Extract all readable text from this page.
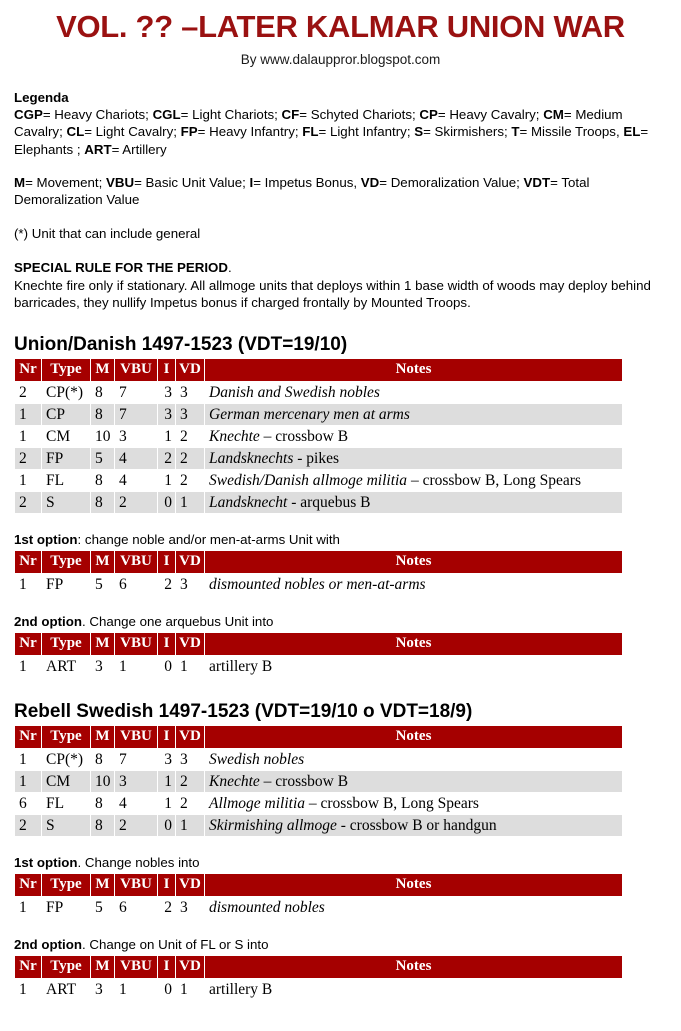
VOL. ?? –LATER KALMAR UNION WAR
By www.dalauppror.blogspot.com
Legenda
CGP= Heavy Chariots; CGL= Light Chariots; CF= Schyted Chariots; CP= Heavy Cavalry; CM= Medium Cavalry; CL= Light Cavalry; FP= Heavy Infantry; FL= Light Infantry; S= Skirmishers; T= Missile Troops, EL= Elephants ; ART= Artillery
M= Movement; VBU= Basic Unit Value; I= Impetus Bonus, VD= Demoralization Value; VDT= Total Demoralization Value
(*) Unit that can include general
SPECIAL RULE FOR THE PERIOD.
Knechte fire only if stationary. All allmoge units that deploys within 1 base width of woods may deploy behind barricades, they nullify Impetus bonus if charged frontally by Mounted Troops.
Union/Danish 1497-1523 (VDT=19/10)
Nr	Type	M	VBU	I	VD	Notes
2	CP(*)	8	7	3	3	Danish and Swedish nobles
1	CP	8	7	3	3	German mercenary men at arms
1	CM	10	3	1	2	Knechte – crossbow B
2	FP	5	4	2	2	Landsknechts - pikes
1	FL	8	4	1	2	Swedish/Danish allmoge militia – crossbow B, Long Spears
2	S	8	2	0	1	Landsknecht - arquebus B
1st option: change noble and/or men-at-arms Unit with
Nr	Type	M	VBU	I	VD	Notes
1	FP	5	6	2	3	dismounted nobles or men-at-arms
2nd option. Change one arquebus Unit into
Nr	Type	M	VBU	I	VD	Notes
1	ART	3	1	0	1	artillery B
Rebell Swedish 1497-1523 (VDT=19/10 o VDT=18/9)
Nr	Type	M	VBU	I	VD	Notes
1	CP(*)	8	7	3	3	Swedish nobles
1	CM	10	3	1	2	Knechte – crossbow B
6	FL	8	4	1	2	Allmoge militia – crossbow B, Long Spears
2	S	8	2	0	1	Skirmishing allmoge - crossbow B or handgun
1st option. Change nobles into
Nr	Type	M	VBU	I	VD	Notes
1	FP	5	6	2	3	dismounted nobles
2nd option. Change on Unit of FL or S into
Nr	Type	M	VBU	I	VD	Notes
1	ART	3	1	0	1	artillery B
